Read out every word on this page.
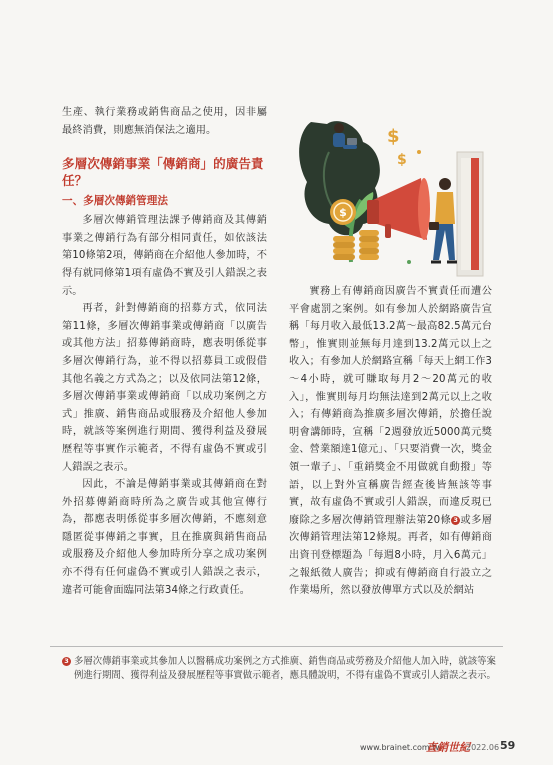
生產、執行業務或銷售商品之使用，因非屬最終消費，則應無消保法之適用。

多層次傳銷事業「傳銷商」的廣告責任？
一、多層次傳銷管理法

多層次傳銷管理法課予傳銷商及其傳銷事業之傳銷行為有部分相同責任，如依該法第10條第2項，傳銷商在介紹他人參加時，不得有就同條第1項有虛偽不實及引人錯誤之表示。

再者，針對傳銷商的招募方式，依同法第11條，多層次傳銷事業或傳銷商「以廣告或其他方法」招募傳銷商時，應表明係從事多層次傳銷行為，並不得以招募員工或假借其他名義之方式為之；以及依同法第12條，多層次傳銷事業或傳銷商「以成功案例之方式」推廣、銷售商品或服務及介紹他人參加時，就該等案例進行期間、獲得利益及發展歷程等事實作示範者，不得有虛偽不實或引人錯誤之表示。

因此，不論是傳銷事業或其傳銷商在對外招募傳銷商時所為之廣告或其他宣傳行為，都應表明係從事多層次傳銷，不應刻意隱匿從事傳銷之事實，且在推廣與銷售商品或服務及介紹他人參加時所分享之成功案例亦不得有任何虛偽不實或引人錯誤之表示，違者可能會面臨同法第34條之行政責任。

$
$
$

實務上有傳銷商因廣告不實責任而遭公平會處罰之案例。如有參加人於網路廣告宣稱「每月收入最低13.2萬～最高82.5萬元台幣」，惟實則並無每月達到13.2萬元以上之收入；有參加人於網路宣稱「每天上網工作3～4小時，就可賺取每月2～20萬元的收入」，惟實則每月均無法達到2萬元以上之收入；有傳銷商為推廣多層次傳銷，於擔任說明會講師時，宣稱「2週發放近5000萬元獎金、營業額達1億元」、「只要消費一次，獎金領一輩子」、「重銷獎金不用做就自動撥」等語，以上對外宣稱廣告經查後皆無該等事實，故有虛偽不實或引人錯誤，而違反現已廢除之多層次傳銷管理辦法第20條 3 或多層次傳銷管理法第12條規。再者，如有傳銷商出資刊登標題為「每週8小時，月入6萬元」之報紙徵人廣告；抑或有傳銷商自行設立之作業場所，然以發放傳單方式以及於網站

3 多層次傳銷事業或其參加人以醫稱成功案例之方式推廣、銷售商品或勞務及介紹他人加入時，就該等案例進行期間、獲得利益及發展歷程等事實做示範者，應具體說明，不得有虛偽不實或引人錯誤之表示。
www.brainet.com.tw
直銷世紀
2022.06 59
